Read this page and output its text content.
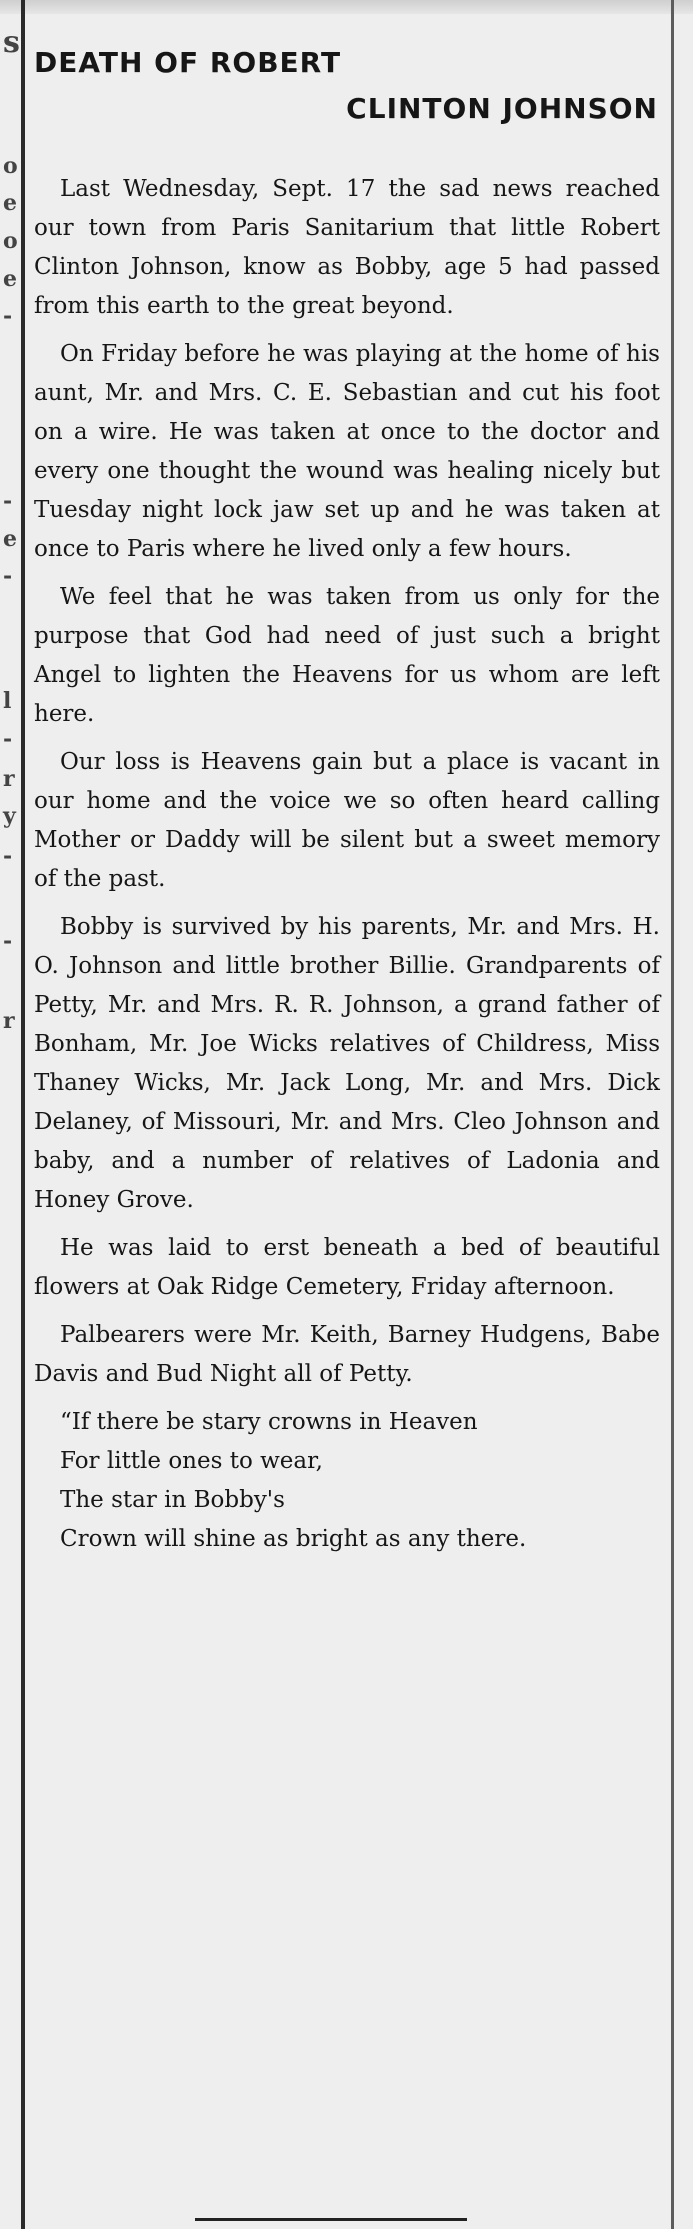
s
o
e
o
e
-
-
e
-
l
-
r
y
-
-
r
DEATH OF ROBERT
CLINTON JOHNSON

Last Wednesday, Sept. 17 the sad news reached our town from Paris Sanitarium that little Robert Clinton Johnson, know as Bobby, age 5 had passed from this earth to the great beyond.

On Friday before he was playing at the home of his aunt, Mr. and Mrs. C. E. Sebastian and cut his foot on a wire. He was taken at once to the doctor and every one thought the wound was healing nicely but Tuesday night lock jaw set up and he was taken at once to Paris where he lived only a few hours.

We feel that he was taken from us only for the purpose that God had need of just such a bright Angel to lighten the Heavens for us whom are left here.

Our loss is Heavens gain but a place is vacant in our home and the voice we so often heard calling Mother or Daddy will be silent but a sweet memory of the past.

Bobby is survived by his parents, Mr. and Mrs. H. O. Johnson and little brother Billie. Grandparents of Petty, Mr. and Mrs. R. R. Johnson, a grand father of Bonham, Mr. Joe Wicks relatives of Childress, Miss Thaney Wicks, Mr. Jack Long, Mr. and Mrs. Dick Delaney, of Missouri, Mr. and Mrs. Cleo Johnson and baby, and a number of relatives of Ladonia and Honey Grove.

He was laid to erst beneath a bed of beautiful flowers at Oak Ridge Cemetery, Friday afternoon.

Palbearers were Mr. Keith, Barney Hudgens, Babe Davis and Bud Night all of Petty.

“If there be stary crowns in Heaven
For little ones to wear,
The star in Bobby's
Crown will shine as bright as any there.
